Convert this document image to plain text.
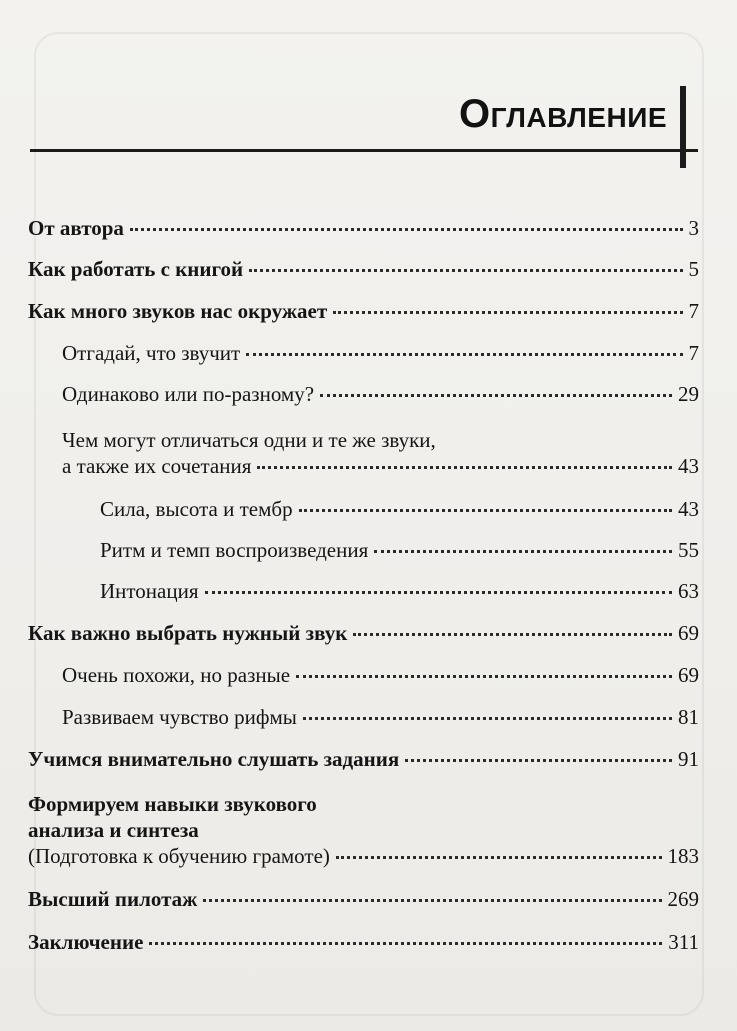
Оглавление
От автора	3
Как работать с книгой	5
Как много звуков нас окружает	7
Отгадай, что звучит	7
Одинаково или по-разному?	29
Чем могут отличаться одни и те же звуки,
а также их сочетания	43
Сила, высота и тембр	43
Ритм и темп воспроизведения	55
Интонация	63
Как важно выбрать нужный звук	69
Очень похожи, но разные	69
Развиваем чувство рифмы	81
Учимся внимательно слушать задания	91
Формируем навыки звукового
анализа и синтеза
(Подготовка к обучению грамоте)	183
Высший пилотаж	269
Заключение	311
